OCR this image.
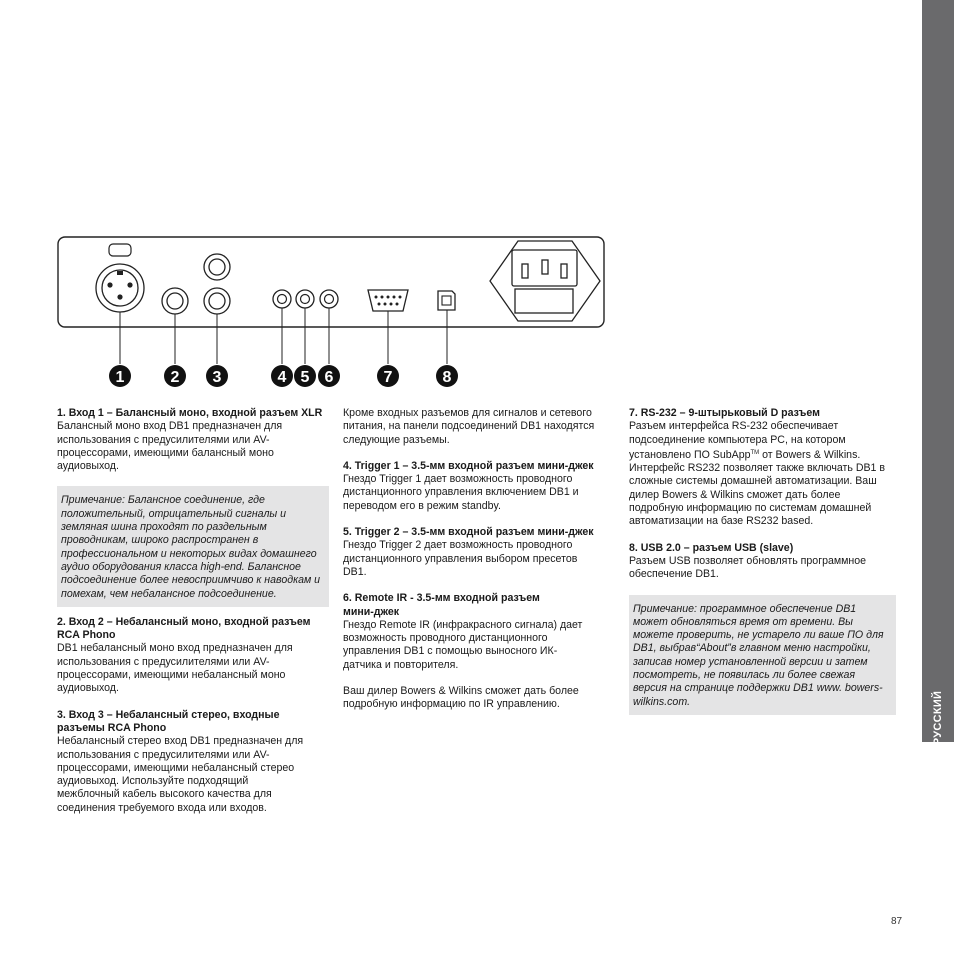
РУССКИЙ
1	2 3	4 5 6	7	8

1. Вход 1 – Балансный моно, входной разъем XLR

Балансный моно вход DB1 предназначен для использования с предусилителями или AV-процессорами, имеющими балансный моно аудиовыход.

Примечание: Балансное соединение, где положительный, отрицательный сигналы и земляная шина проходят по раздельным проводникам, широко распространен в профессиональном и некоторых видах домашнего аудио оборудования класса high-end. Балансное подсоединение более невосприимчиво к наводкам и помехам, чем небалансное подсоединение.

2. Вход 2 – Небалансный моно, входной разъем RCA Phono

DB1 небалансный моно вход предназначен для использования с предусилителями или AV-процессорами, имеющими небалансный моно аудиовыход.

3. Вход 3 – Небалансный стерео, входные разъемы RCA Phono

Небалансный стерео вход DB1 предназначен для использования с предусилителями или AV-процессорами, имеющими небалансный стерео аудиовыход. Используйте подходящий межблочный кабель высокого качества для соединения требуемого входа или входов.

Кроме входных разъемов для сигналов и сетевого питания, на панели подсоединений DB1 находятся следующие разъемы.

4. Trigger 1 – 3.5-мм входной разъем мини-джек

Гнездо Trigger 1 дает возможность проводного дистанционного управления включением DB1 и переводом его в режим standby.

5. Trigger 2 – 3.5-мм входной разъем мини-джек

Гнездо Trigger 2 дает возможность проводного дистанционного управления выбором пресетов DB1.

6. Remote IR - 3.5-мм входной разъем мини-джек

Гнездо Remote IR (инфракрасного сигнала) дает возможность проводного дистанционного управления DB1 с помощью выносного ИК-датчика и повторителя.

Ваш дилер Bowers & Wilkins сможет дать более подробную информацию по IR управлению.

7. RS-232 – 9-штырьковый D разъем

Разъем интерфейса RS-232 обеспечивает подсоединение компьютера PC, на котором установлено ПО SubApp™ от Bowers & Wilkins. Интерфейс RS232 позволяет также включать DB1 в сложные системы домашней автоматизации. Ваш дилер Bowers & Wilkins сможет дать более подробную информацию по системам домашней автоматизации на базе RS232 based.

8. USB 2.0 – разъем USB (slave)

Разъем USB позволяет обновлять программное обеспечение DB1.

Примечание: программное обеспечение DB1 может обновляться время от времени. Вы можете проверить, не устарело ли ваше ПО для DB1, выбрав“About”в главном меню настройки, записав номер установленной версии и затем посмотреть, не появилась ли более свежая версия на странице поддержки DB1 www. bowers-wilkins.com.
87
